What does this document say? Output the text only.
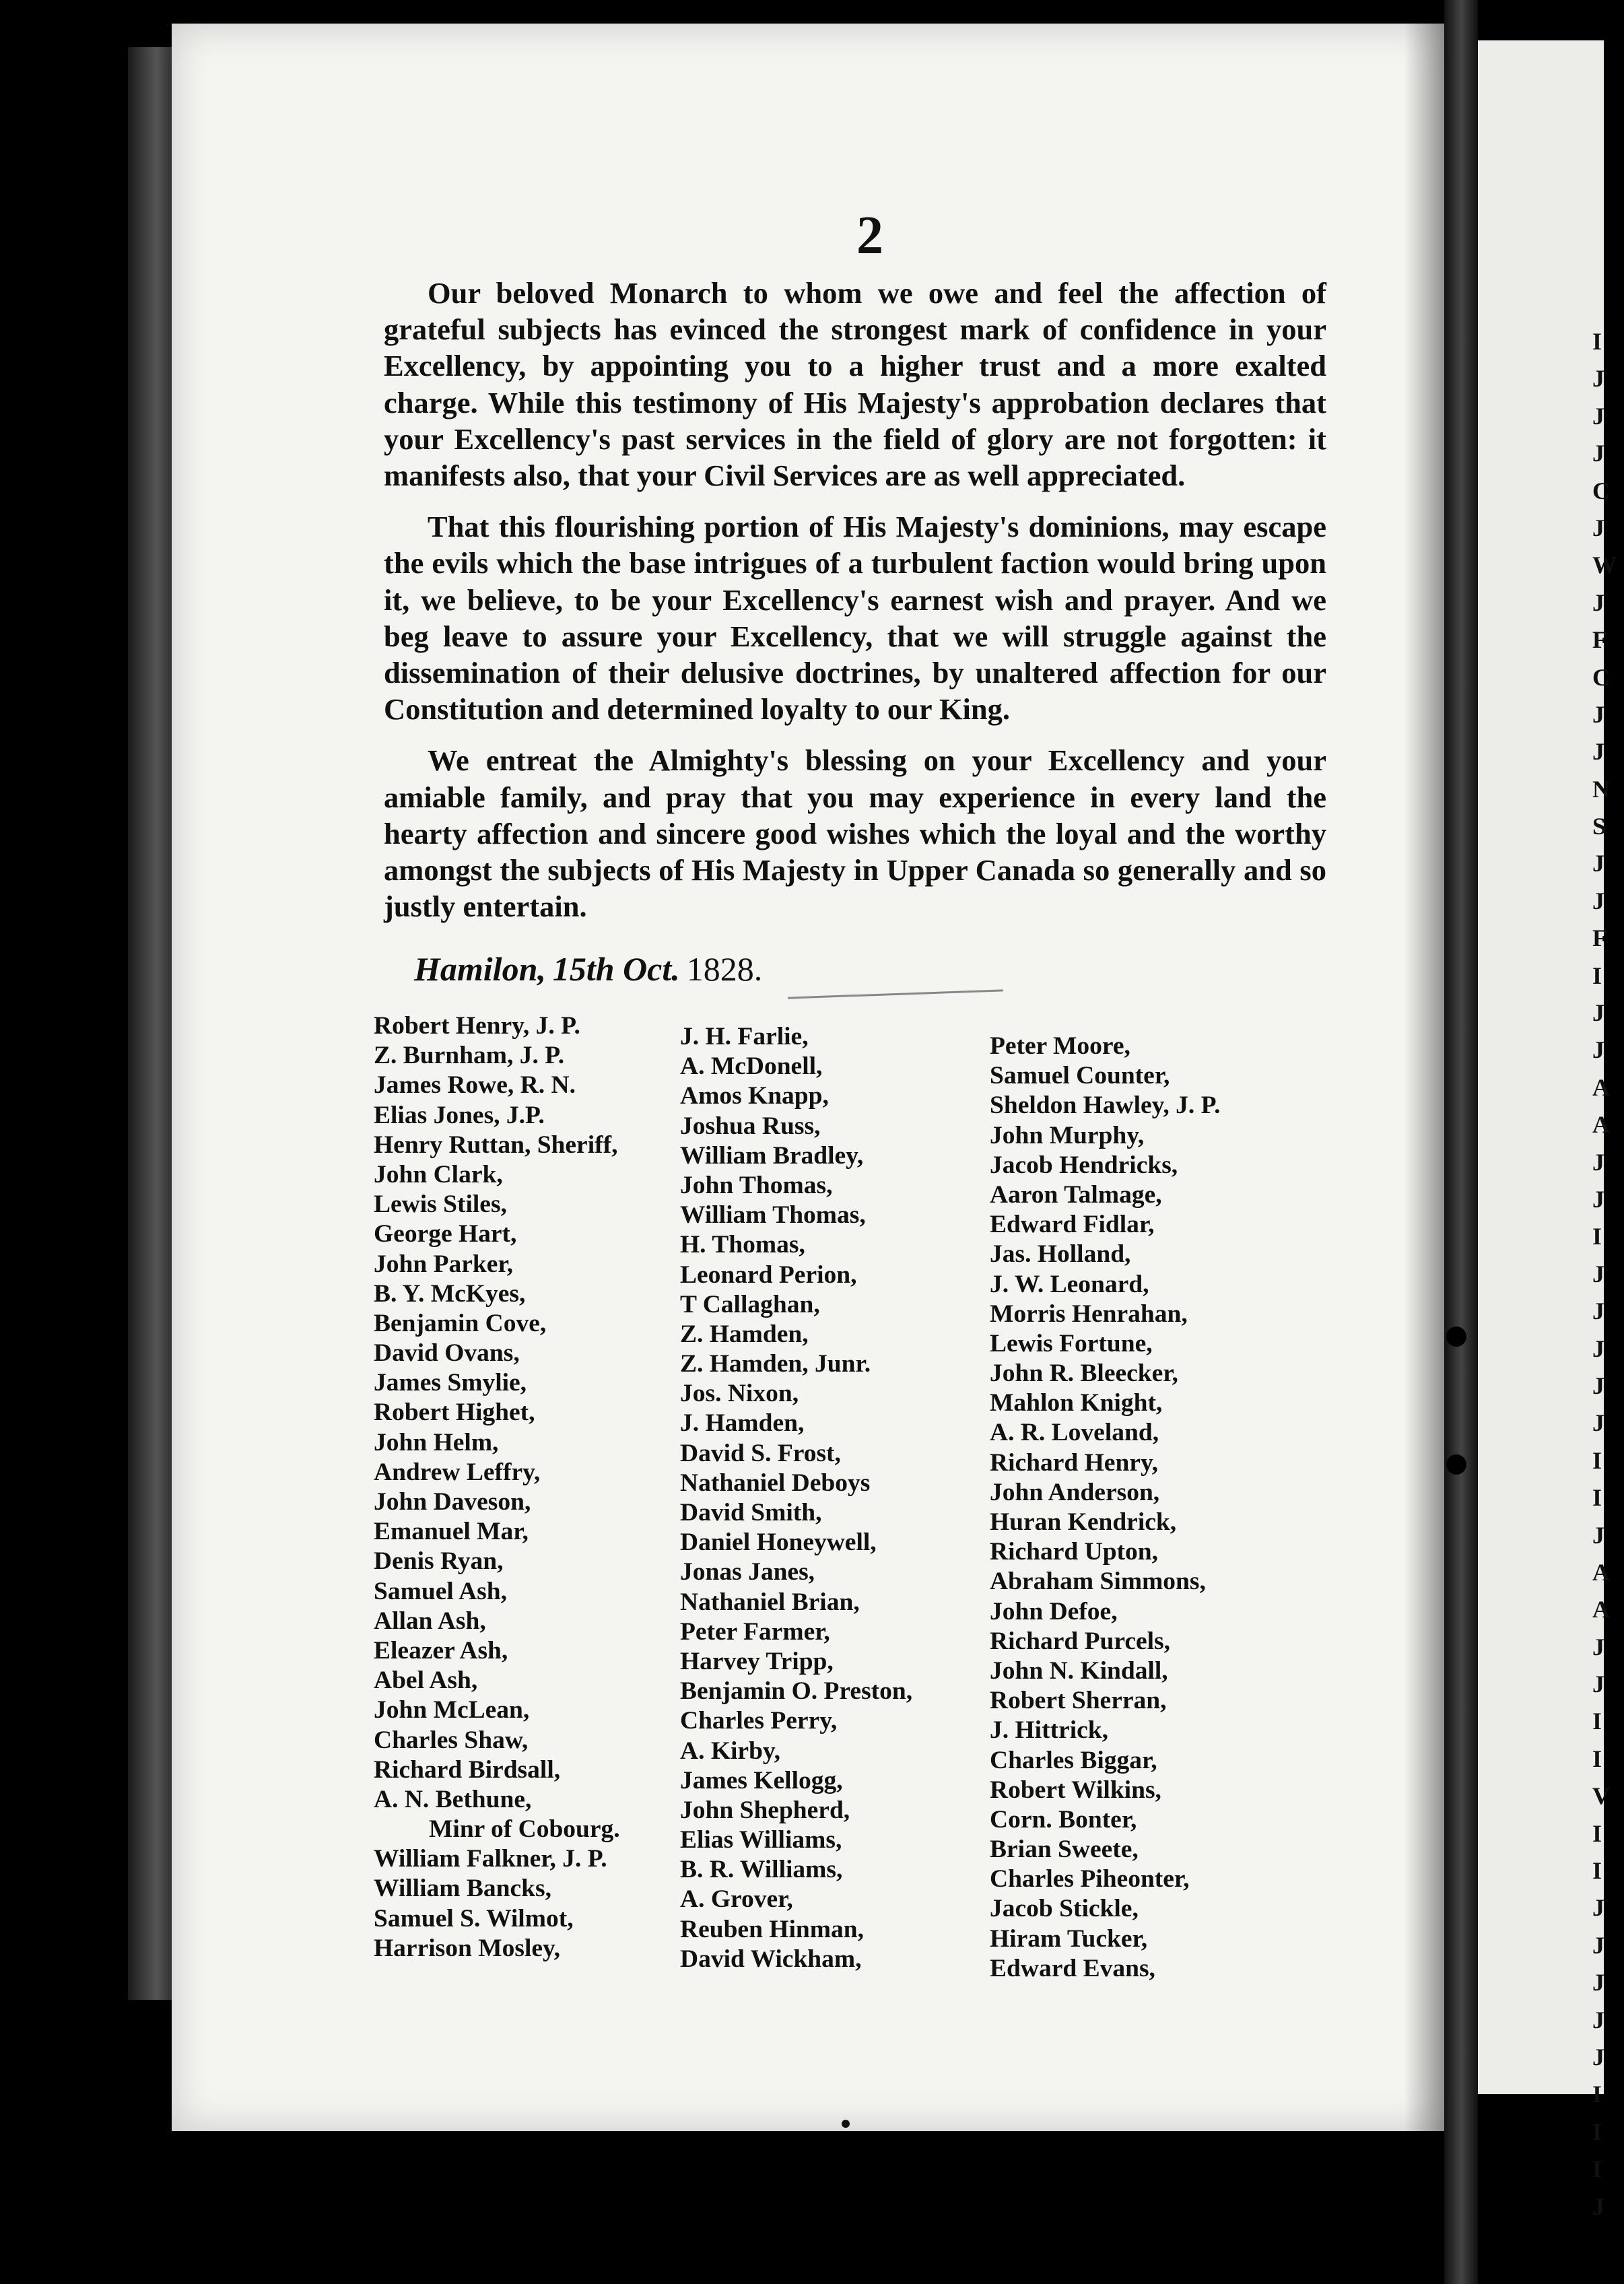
I
J
J
J
C
J
W
J
F
C
J
J
N
S
J
J
F
I
J
J
A
A
J
J
I
J
J
J
J
J
I
I
J
A
A
J
J
I
I
V
I
I
J
J
J
J
J
I
I
I
J
2

Our beloved Monarch to whom we owe and feel the affection of grateful subjects has evinced the strongest mark of confidence in your Excellency, by appointing you to a higher trust and a more exalted charge. While this testimony of His Majesty's approbation declares that your Excellency's past services in the field of glory are not forgotten: it manifests also, that your Civil Services are as well appreciated.

That this flourishing portion of His Majesty's dominions, may escape the evils which the base intrigues of a turbulent faction would bring upon it, we believe, to be your Excellency's earnest wish and prayer. And we beg leave to assure your Excellency, that we will struggle against the dissemination of their delusive doctrines, by unaltered affection for our Constitution and determined loyalty to our King.

We entreat the Almighty's blessing on your Excellency and your amiable family, and pray that you may experience in every land the hearty affection and sincere good wishes which the loyal and the worthy amongst the subjects of His Majesty in Upper Canada so generally and so justly entertain.

Hamilon, 15th Oct. 1828.
Robert Henry, J. P.
Z. Burnham, J. P.
James Rowe, R. N.
Elias Jones, J.P.
Henry Ruttan, Sheriff,
John Clark,
Lewis Stiles,
George Hart,
John Parker,
B. Y. McKyes,
Benjamin Cove,
David Ovans,
James Smylie,
Robert Highet,
John Helm,
Andrew Leffry,
John Daveson,
Emanuel Mar,
Denis Ryan,
Samuel Ash,
Allan Ash,
Eleazer Ash,
Abel Ash,
John McLean,
Charles Shaw,
Richard Birdsall,
A. N. Bethune,
Minr of Cobourg.
William Falkner, J. P.
William Bancks,
Samuel S. Wilmot,
Harrison Mosley,
J. H. Farlie,
A. McDonell,
Amos Knapp,
Joshua Russ,
William Bradley,
John Thomas,
William Thomas,
H. Thomas,
Leonard Perion,
T Callaghan,
Z. Hamden,
Z. Hamden, Junr.
Jos. Nixon,
J. Hamden,
David S. Frost,
Nathaniel Deboys
David Smith,
Daniel Honeywell,
Jonas Janes,
Nathaniel Brian,
Peter Farmer,
Harvey Tripp,
Benjamin O. Preston,
Charles Perry,
A. Kirby,
James Kellogg,
John Shepherd,
Elias Williams,
B. R. Williams,
A. Grover,
Reuben Hinman,
David Wickham,
Peter Moore,
Samuel Counter,
Sheldon Hawley, J. P.
John Murphy,
Jacob Hendricks,
Aaron Talmage,
Edward Fidlar,
Jas. Holland,
J. W. Leonard,
Morris Henrahan,
Lewis Fortune,
John R. Bleecker,
Mahlon Knight,
A. R. Loveland,
Richard Henry,
John Anderson,
Huran Kendrick,
Richard Upton,
Abraham Simmons,
John Defoe,
Richard Purcels,
John N. Kindall,
Robert Sherran,
J. Hittrick,
Charles Biggar,
Robert Wilkins,
Corn. Bonter,
Brian Sweete,
Charles Piheonter,
Jacob Stickle,
Hiram Tucker,
Edward Evans,
